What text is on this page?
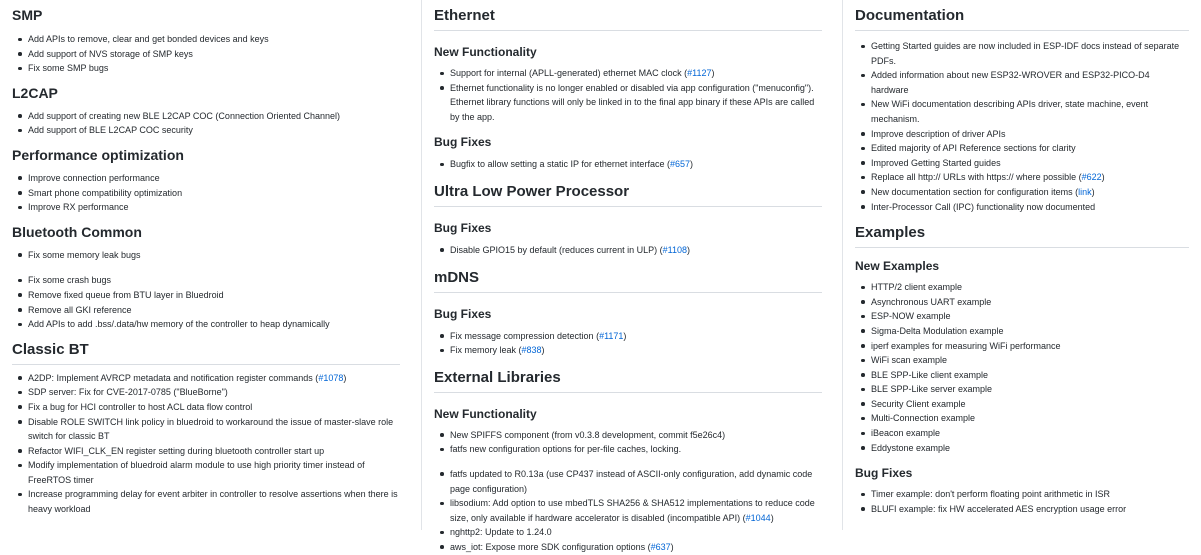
SMP
Add APIs to remove, clear and get bonded devices and keys
Add support of NVS storage of SMP keys
Fix some SMP bugs
L2CAP
Add support of creating new BLE L2CAP COC (Connection Oriented Channel)
Add support of BLE L2CAP COC security
Performance optimization
Improve connection performance
Smart phone compatibility optimization
Improve RX performance
Bluetooth Common
Fix some memory leak bugs
Fix some crash bugs
Remove fixed queue from BTU layer in Bluedroid
Remove all GKI reference
Add APIs to add .bss/.data/hw memory of the controller to heap dynamically
Classic BT
A2DP: Implement AVRCP metadata and notification register commands (#1078)
SDP server: Fix for CVE-2017-0785 ("BlueBorne")
Fix a bug for HCI controller to host ACL data flow control
Disable ROLE SWITCH link policy in bluedroid to workaround the issue of master-slave role switch for classic BT
Refactor WIFI_CLK_EN register setting during bluetooth controller start up
Modify implementation of bluedroid alarm module to use high priority timer instead of FreeRTOS timer
Increase programming delay for event arbiter in controller to resolve assertions when there is heavy workload
Ethernet
New Functionality
Support for internal (APLL-generated) ethernet MAC clock (#1127)
Ethernet functionality is no longer enabled or disabled via app configuration ("menuconfig"). Ethernet library functions will only be linked in to the final app binary if these APIs are called by the app.
Bug Fixes
Bugfix to allow setting a static IP for ethernet interface (#657)
Ultra Low Power Processor
Bug Fixes
Disable GPIO15 by default (reduces current in ULP) (#1108)
mDNS
Bug Fixes
Fix message compression detection (#1171)
Fix memory leak (#838)
External Libraries
New Functionality
New SPIFFS component (from v0.3.8 development, commit f5e26c4)
fatfs new configuration options for per-file caches, locking.
fatfs updated to R0.13a (use CP437 instead of ASCII-only configuration, add dynamic code page configuration)
libsodium: Add option to use mbedTLS SHA256 & SHA512 implementations to reduce code size, only available if hardware accelerator is disabled (incompatible API) (#1044)
nghttp2: Update to 1.24.0
aws_iot: Expose more SDK configuration options (#637)
Documentation
Getting Started guides are now included in ESP-IDF docs instead of separate PDFs.
Added information about new ESP32-WROVER and ESP32-PICO-D4 hardware
New WiFi documentation describing APIs driver, state machine, event mechanism.
Improve description of driver APIs
Edited majority of API Reference sections for clarity
Improved Getting Started guides
Replace all http:// URLs with https:// where possible (#622)
New documentation section for configuration items (link)
Inter-Processor Call (IPC) functionality now documented
Examples
New Examples
HTTP/2 client example
Asynchronous UART example
ESP-NOW example
Sigma-Delta Modulation example
iperf examples for measuring WiFi performance
WiFi scan example
BLE SPP-Like client example
BLE SPP-Like server example
Security Client example
Multi-Connection example
iBeacon example
Eddystone example
Bug Fixes
Timer example: don't perform floating point arithmetic in ISR
BLUFI example: fix HW accelerated AES encryption usage error
